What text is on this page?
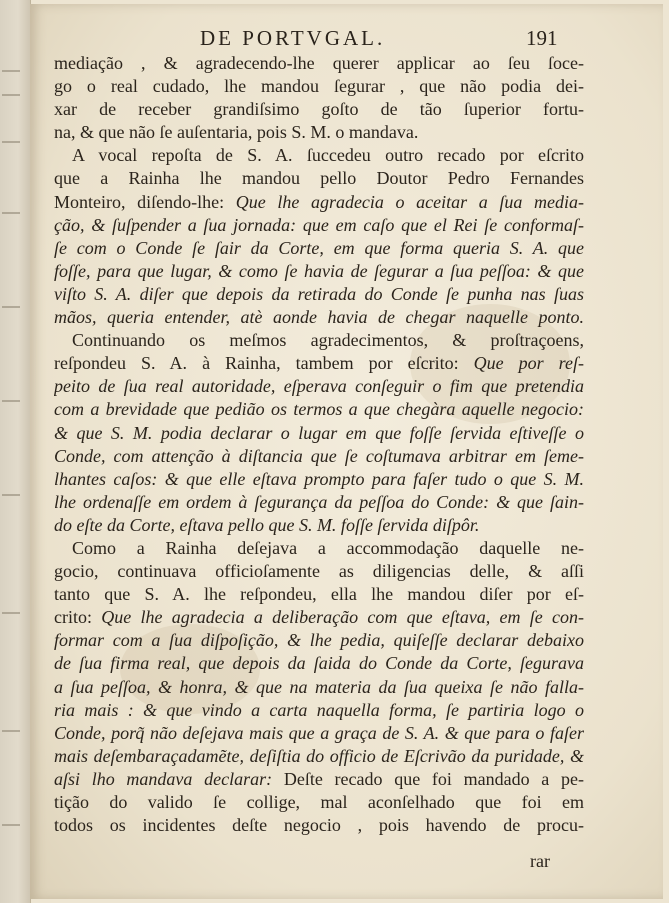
DE PORTVGAL.	191
mediação , & agradecendo-lhe querer applicar ao ſeu ſoce-
go o real cudado, lhe mandou ſegurar , que não podia dei-
xar de receber grandiſsimo goſto de tão ſuperior fortu-
na, & que não ſe auſentaria, pois S. M. o mandava.
A vocal repoſta de S. A. ſuccedeu outro recado por eſcrito
que a Rainha lhe mandou pello Doutor Pedro Fernandes
Monteiro, diſendo-lhe: Que lhe agradecia o aceitar a ſua media-
ção, & ſuſpender a ſua jornada: que em caſo que el Rei ſe conformaſ-
ſe com o Conde ſe ſair da Corte, em que forma queria S. A. que
foſſe, para que lugar, & como ſe havia de ſegurar a ſua peſſoa: & que
viſto S. A. diſer que depois da retirada do Conde ſe punha nas ſuas
mãos, queria entender, atè aonde havia de chegar naquelle ponto.
Continuando os meſmos agradecimentos, & proſtraçoens,
reſpondeu S. A. à Rainha, tambem por eſcrito: Que por reſ-
peito de ſua real autoridade, eſperava conſeguir o fim que pretendia
com a brevidade que pedião os termos a que chegàra aquelle negocio:
& que S. M. podia declarar o lugar em que foſſe ſervida eſtiveſſe o
Conde, com attenção à diſtancia que ſe coſtumava arbitrar em ſeme-
lhantes caſos: & que elle eſtava prompto para faſer tudo o que S. M.
lhe ordenaſſe em ordem à ſegurança da peſſoa do Conde: & que ſain-
do eſte da Corte, eſtava pello que S. M. foſſe ſervida diſpôr.
Como a Rainha deſejava a accommodação daquelle ne-
gocio, continuava officioſamente as diligencias delle, & aſſi
tanto que S. A. lhe reſpondeu, ella lhe mandou diſer por eſ-
crito: Que lhe agradecia a deliberação com que eſtava, em ſe con-
formar com a ſua diſpoſição, & lhe pedia, quiſeſſe declarar debaixo
de ſua firma real, que depois da ſaida do Conde da Corte, ſegurava
a ſua peſſoa, & honra, & que na materia da ſua queixa ſe não falla-
ria mais : & que vindo a carta naquella forma, ſe partiria logo o
Conde, porq̃ não deſejava mais que a graça de S. A. & que para o faſer
mais deſembaraçadamẽte, deſiſtia do officio de Eſcrivão da puridade, &
aſsi lho mandava declarar: Deſte recado que foi mandado a pe-
tição do valido ſe collige, mal aconſelhado que foi em
todos os incidentes deſte negocio , pois havendo de procu-
rar
